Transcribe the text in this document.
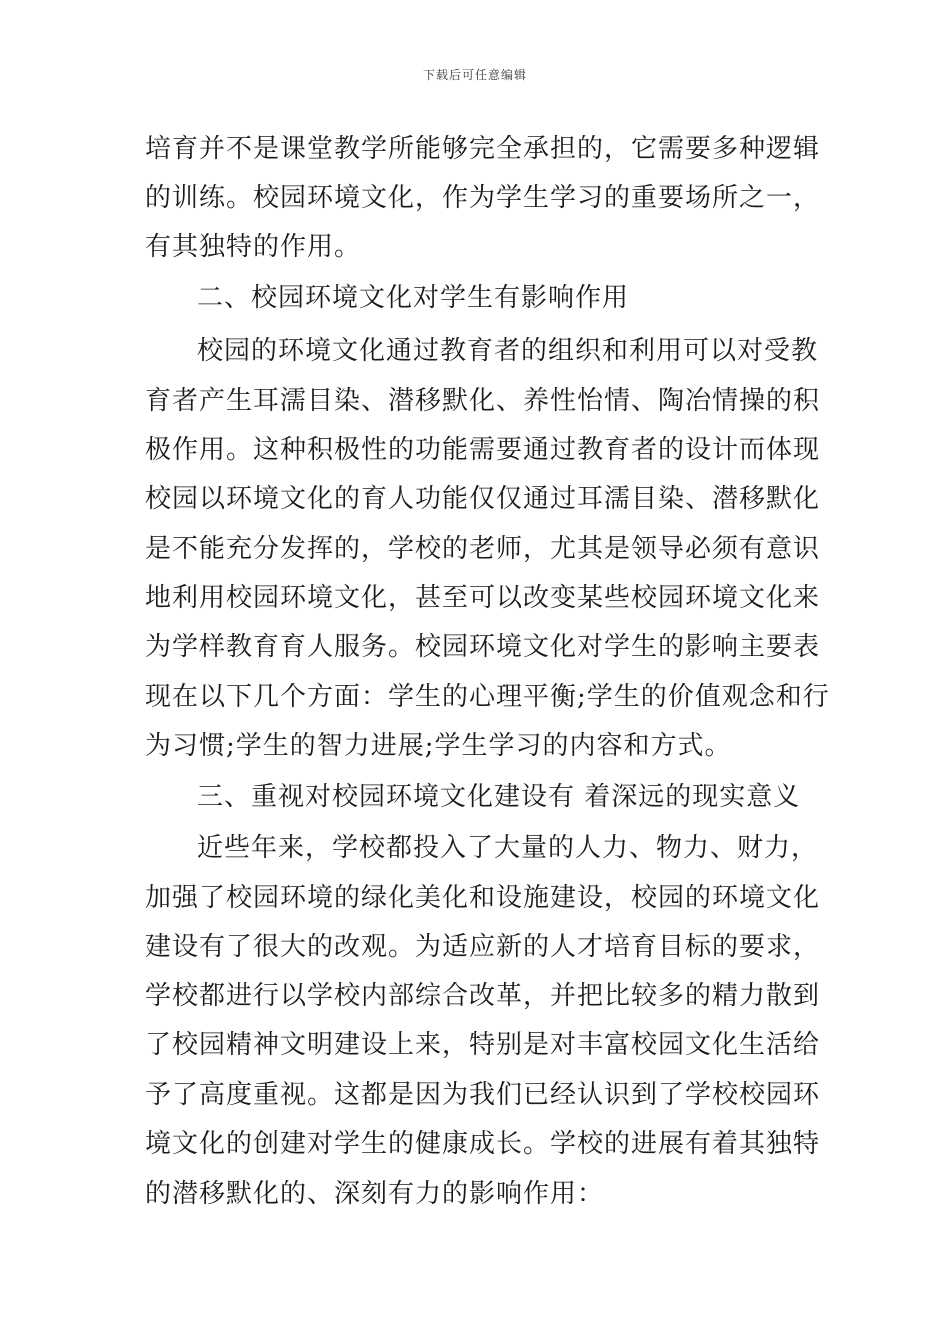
下载后可任意编辑
培育并不是课堂教学所能够完全承担的，它需要多种逻辑
的训练。校园环境文化，作为学生学习的重要场所之一，
有其独特的作用。
二、校园环境文化对学生有影响作用
校园的环境文化通过教育者的组织和利用可以对受教
育者产生耳濡目染、潜移默化、养性怡情、陶冶情操的积
极作用。这种积极性的功能需要通过教育者的设计而体现
校园以环境文化的育人功能仅仅通过耳濡目染、潜移默化
是不能充分发挥的，学校的老师，尤其是领导必须有意识
地利用校园环境文化，甚至可以改变某些校园环境文化来
为学样教育育人服务。校园环境文化对学生的影响主要表
现在以下几个方面：学生的心理平衡;学生的价值观念和行
为习惯;学生的智力进展;学生学习的内容和方式。
三、重视对校园环境文化建设有 着深远的现实意义
近些年来，学校都投入了大量的人力、物力、财力，
加强了校园环境的绿化美化和设施建设，校园的环境文化
建设有了很大的改观。为适应新的人才培育目标的要求，
学校都进行以学校内部综合改革，并把比较多的精力散到
了校园精神文明建设上来，特别是对丰富校园文化生活给
予了高度重视。这都是因为我们已经认识到了学校校园环
境文化的创建对学生的健康成长。学校的进展有着其独特
的潜移默化的、深刻有力的影响作用：
